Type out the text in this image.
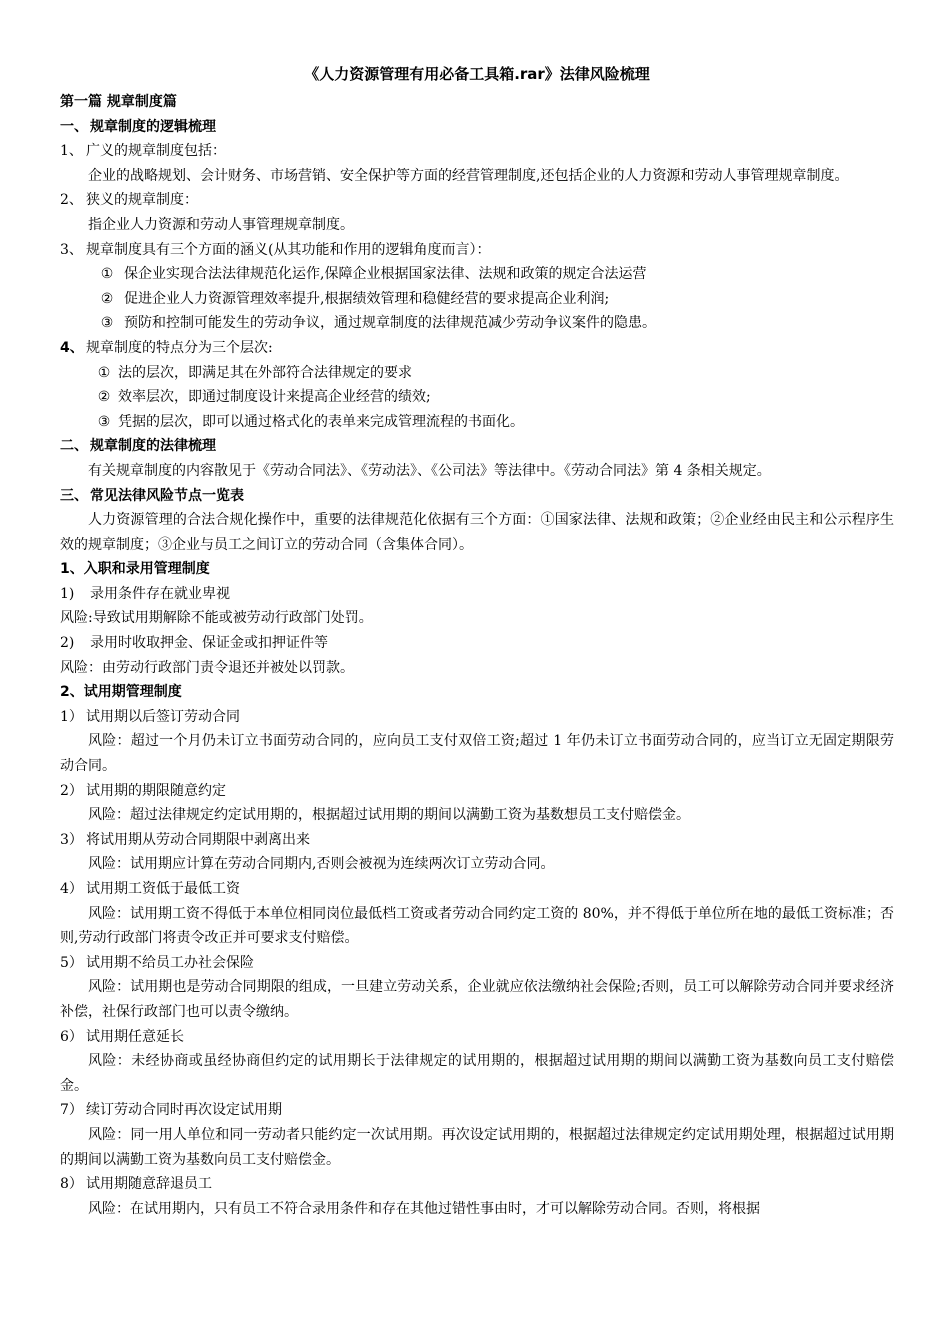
《人力资源管理有用必备工具箱.rar》法律风险梳理
第一篇 规章制度篇
一、 规章制度的逻辑梳理
1、 广义的规章制度包括：
企业的战略规划、会计财务、市场营销、安全保护等方面的经营管理制度,还包括企业的人力资源和劳动人事管理规章制度。
2、 狭义的规章制度：
指企业人力资源和劳动人事管理规章制度。
3、 规章制度具有三个方面的涵义(从其功能和作用的逻辑角度而言）：
① 保企业实现合法法律规范化运作,保障企业根据国家法律、法规和政策的规定合法运营
② 促进企业人力资源管理效率提升,根据绩效管理和稳健经营的要求提高企业利润;
③ 预防和控制可能发生的劳动争议，通过规章制度的法律规范减少劳动争议案件的隐患。
4、 规章制度的特点分为三个层次:
① 法的层次，即满足其在外部符合法律规定的要求
② 效率层次，即通过制度设计来提高企业经营的绩效;
③ 凭据的层次，即可以通过格式化的表单来完成管理流程的书面化。
二、 规章制度的法律梳理
有关规章制度的内容散见于《劳动合同法》、《劳动法》、《公司法》等法律中。《劳动合同法》第 4 条相关规定。
三、 常见法律风险节点一览表
人力资源管理的合法合规化操作中，重要的法律规范化依据有三个方面：①国家法律、法规和政策；②企业经由民主和公示程序生效的规章制度；③企业与员工之间订立的劳动合同（含集体合同）。
1、入职和录用管理制度
1) 录用条件存在就业卑视
风险:导致试用期解除不能或被劳动行政部门处罚。
2) 录用时收取押金、保证金或扣押证件等
风险：由劳动行政部门责令退还并被处以罚款。
2、试用期管理制度
1） 试用期以后签订劳动合同
风险：超过一个月仍未订立书面劳动合同的，应向员工支付双倍工资;超过 1 年仍未订立书面劳动合同的，应当订立无固定期限劳动合同。
2） 试用期的期限随意约定
风险：超过法律规定约定试用期的，根据超过试用期的期间以满勤工资为基数想员工支付赔偿金。
3） 将试用期从劳动合同期限中剥离出来
风险：试用期应计算在劳动合同期内,否则会被视为连续两次订立劳动合同。
4） 试用期工资低于最低工资
风险：试用期工资不得低于本单位相同岗位最低档工资或者劳动合同约定工资的 80%，并不得低于单位所在地的最低工资标准；否则,劳动行政部门将责令改正并可要求支付赔偿。
5） 试用期不给员工办社会保险
风险：试用期也是劳动合同期限的组成，一旦建立劳动关系，企业就应依法缴纳社会保险;否则，员工可以解除劳动合同并要求经济补偿，社保行政部门也可以责令缴纳。
6） 试用期任意延长
风险：未经协商或虽经协商但约定的试用期长于法律规定的试用期的，根据超过试用期的期间以满勤工资为基数向员工支付赔偿金。
7） 续订劳动合同时再次设定试用期
风险：同一用人单位和同一劳动者只能约定一次试用期。再次设定试用期的，根据超过法律规定约定试用期处理，根据超过试用期的期间以满勤工资为基数向员工支付赔偿金。
8） 试用期随意辞退员工
风险：在试用期内，只有员工不符合录用条件和存在其他过错性事由时，才可以解除劳动合同。否则，将根据
